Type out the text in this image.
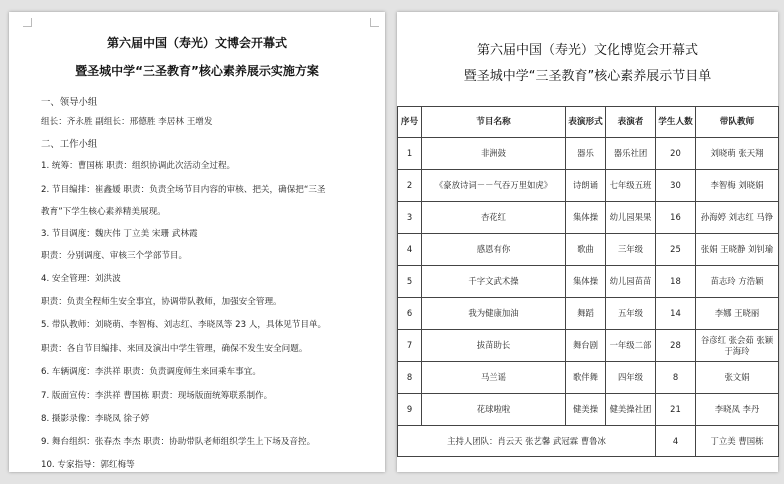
第六届中国（寿光）文博会开幕式
暨圣城中学“三圣教育”核心素养展示实施方案
一、领导小组
组长：齐永胜 副组长：邢德胜 李居林 王增发
二、工作小组
1. 统筹：曹国栋 职责：组织协调此次活动全过程。
2. 节目编排：崔鑫媛 职责：负责全场节目内容的审核、把关，确保把“三圣
教育”下学生核心素养精美展现。
3. 节目调度：魏庆伟 丁立美 宋珊 武林霞
职责：分别调度、审核三个学部节目。
4. 安全管理：刘洪波
职责：负责全程师生安全事宜，协调带队教师，加强安全管理。
5. 带队教师：刘晓萌、李智梅、刘志红、李晓凤等 23 人，具体见节目单。
职责：各自节目编排、来回及演出中学生管理，确保不发生安全问题。
6. 车辆调度：李洪祥 职责：负责调度师生来回乘车事宜。
7. 版面宣传：李洪祥 曹国栋 职责：现场版面统筹联系制作。
8. 摄影录像：李晓凤 徐子婷
9. 舞台组织：张春杰 李杰 职责：协助带队老师组织学生上下场及音控。
10. 专家指导：郭红梅等
第六届中国（寿光）文化博览会开幕式
暨圣城中学“三圣教育”核心素养展示节目单
序号	节目名称	表演形式	表演者	学生人数	带队教师
1	非洲鼓	器乐	器乐社团	20	刘晓萌 张天翔
2	《豪放诗词－－气吞万里如虎》	诗朗诵	七年级五班	30	李智梅 刘晓娟
3	杏花红	集体操	幼儿园果果	16	孙海婷 刘志红 马铮
4	感恩有你	歌曲	三年级	25	张娟 王晓静 刘钊瑜
5	千字文武术操	集体操	幼儿园苗苗	18	苗志玲 方浩颖
6	我为健康加油	舞蹈	五年级	14	李娜 王晓丽
7	拔苗助长	舞台剧	一年级二部	28	谷彦红 张会茹 张颖 于海玲
8	马兰谣	歌伴舞	四年级	8	张文娟
9	花球啦啦	健美操	健美操社团	21	李晓凤 李丹
主持人团队：肖云天 张艺馨 武冠霖 曹鲁冰				4	丁立美 曹国栋
